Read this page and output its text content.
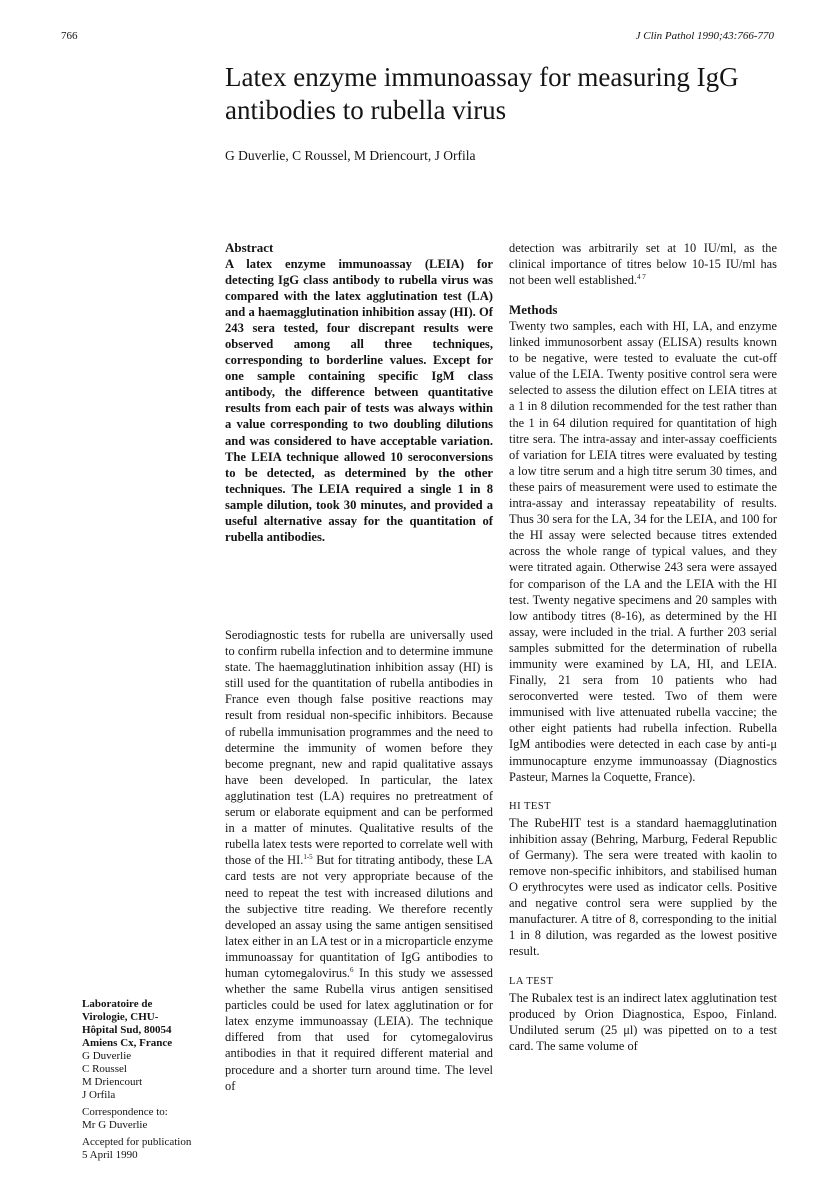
766	J Clin Pathol 1990;43:766-770
Latex enzyme immunoassay for measuring IgG
antibodies to rubella virus
G Duverlie, C Roussel, M Driencourt, J Orfila
Abstract

A latex enzyme immunoassay (LEIA) for detecting IgG class antibody to rubella virus was compared with the latex agglutination test (LA) and a haemagglutination inhibition assay (HI). Of 243 sera tested, four discrepant results were observed among all three techniques, corresponding to borderline values. Except for one sample containing specific IgM class antibody, the difference between quantitative results from each pair of tests was always within a value corresponding to two doubling dilutions and was considered to have acceptable variation. The LEIA technique allowed 10 seroconversions to be detected, as determined by the other techniques. The LEIA required a single 1 in 8 sample dilution, took 30 minutes, and provided a useful alternative assay for the quantitation of rubella antibodies.

Serodiagnostic tests for rubella are universally used to confirm rubella infection and to determine immune state. The haemagglutination inhibition assay (HI) is still used for the quantitation of rubella antibodies in France even though false positive reactions may result from residual non-specific inhibitors. Because of rubella immunisation programmes and the need to determine the immunity of women before they become pregnant, new and rapid qualitative assays have been developed. In particular, the latex agglutination test (LA) requires no pretreatment of serum or elaborate equipment and can be performed in a matter of minutes. Qualitative results of the rubella latex tests were reported to correlate well with those of the HI.$^{1-5}$ But for titrating antibody, these LA card tests are not very appropriate because of the need to repeat the test with increased dilutions and the subjective titre reading. We therefore recently developed an assay using the same antigen sensitised latex either in an LA test or in a microparticle enzyme immunoassay for quantitation of IgG antibodies to human cytomegalovirus.$^6$ In this study we assessed whether the same Rubella virus antigen sensitised particles could be used for latex agglutination or for latex enzyme immunoassay (LEIA). The technique differed from that used for cytomegalovirus antibodies in that it required different material and procedure and a shorter turn around time. The level of

detection was arbitrarily set at 10 IU/ml, as the clinical importance of titres below 10-15 IU/ml has not been well established.$^{4 7}$

Methods

Twenty two samples, each with HI, LA, and enzyme linked immunosorbent assay (ELISA) results known to be negative, were tested to evaluate the cut-off value of the LEIA. Twenty positive control sera were selected to assess the dilution effect on LEIA titres at a 1 in 8 dilution recommended for the test rather than the 1 in 64 dilution required for quantitation of high titre sera. The intra-assay and inter-assay coefficients of variation for LEIA titres were evaluated by testing a low titre serum and a high titre serum 30 times, and these pairs of measurement were used to estimate the intra-assay and interassay repeatability of results. Thus 30 sera for the LA, 34 for the LEIA, and 100 for the HI assay were selected because titres extended across the whole range of typical values, and they were titrated again. Otherwise 243 sera were assayed for comparison of the LA and the LEIA with the HI test. Twenty negative specimens and 20 samples with low antibody titres (8-16), as determined by the HI assay, were included in the trial. A further 203 serial samples submitted for the determination of rubella immunity were examined by LA, HI, and LEIA. Finally, 21 sera from 10 patients who had seroconverted were tested. Two of them were immunised with live attenuated rubella vaccine; the other eight patients had rubella infection. Rubella IgM antibodies were detected in each case by anti-μ immunocapture enzyme immunoassay (Diagnostics Pasteur, Marnes la Coquette, France).

HI TEST

The RubeHIT test is a standard haemagglutination inhibition assay (Behring, Marburg, Federal Republic of Germany). The sera were treated with kaolin to remove non-specific inhibitors, and stabilised human O erythrocytes were used as indicator cells. Positive and negative control sera were supplied by the manufacturer. A titre of 8, corresponding to the initial 1 in 8 dilution, was regarded as the lowest positive result.

LA TEST

The Rubalex test is an indirect latex agglutination test produced by Orion Diagnostica, Espoo, Finland. Undiluted serum (25 μl) was pipetted on to a test card. The same volume of

Laboratoire de
Virologie, CHU-
Hôpital Sud, 80054
Amiens Cx, France
G Duverlie
C Roussel
M Driencourt
J Orfila
Correspondence to:
Mr G Duverlie
Accepted for publication
5 April 1990
